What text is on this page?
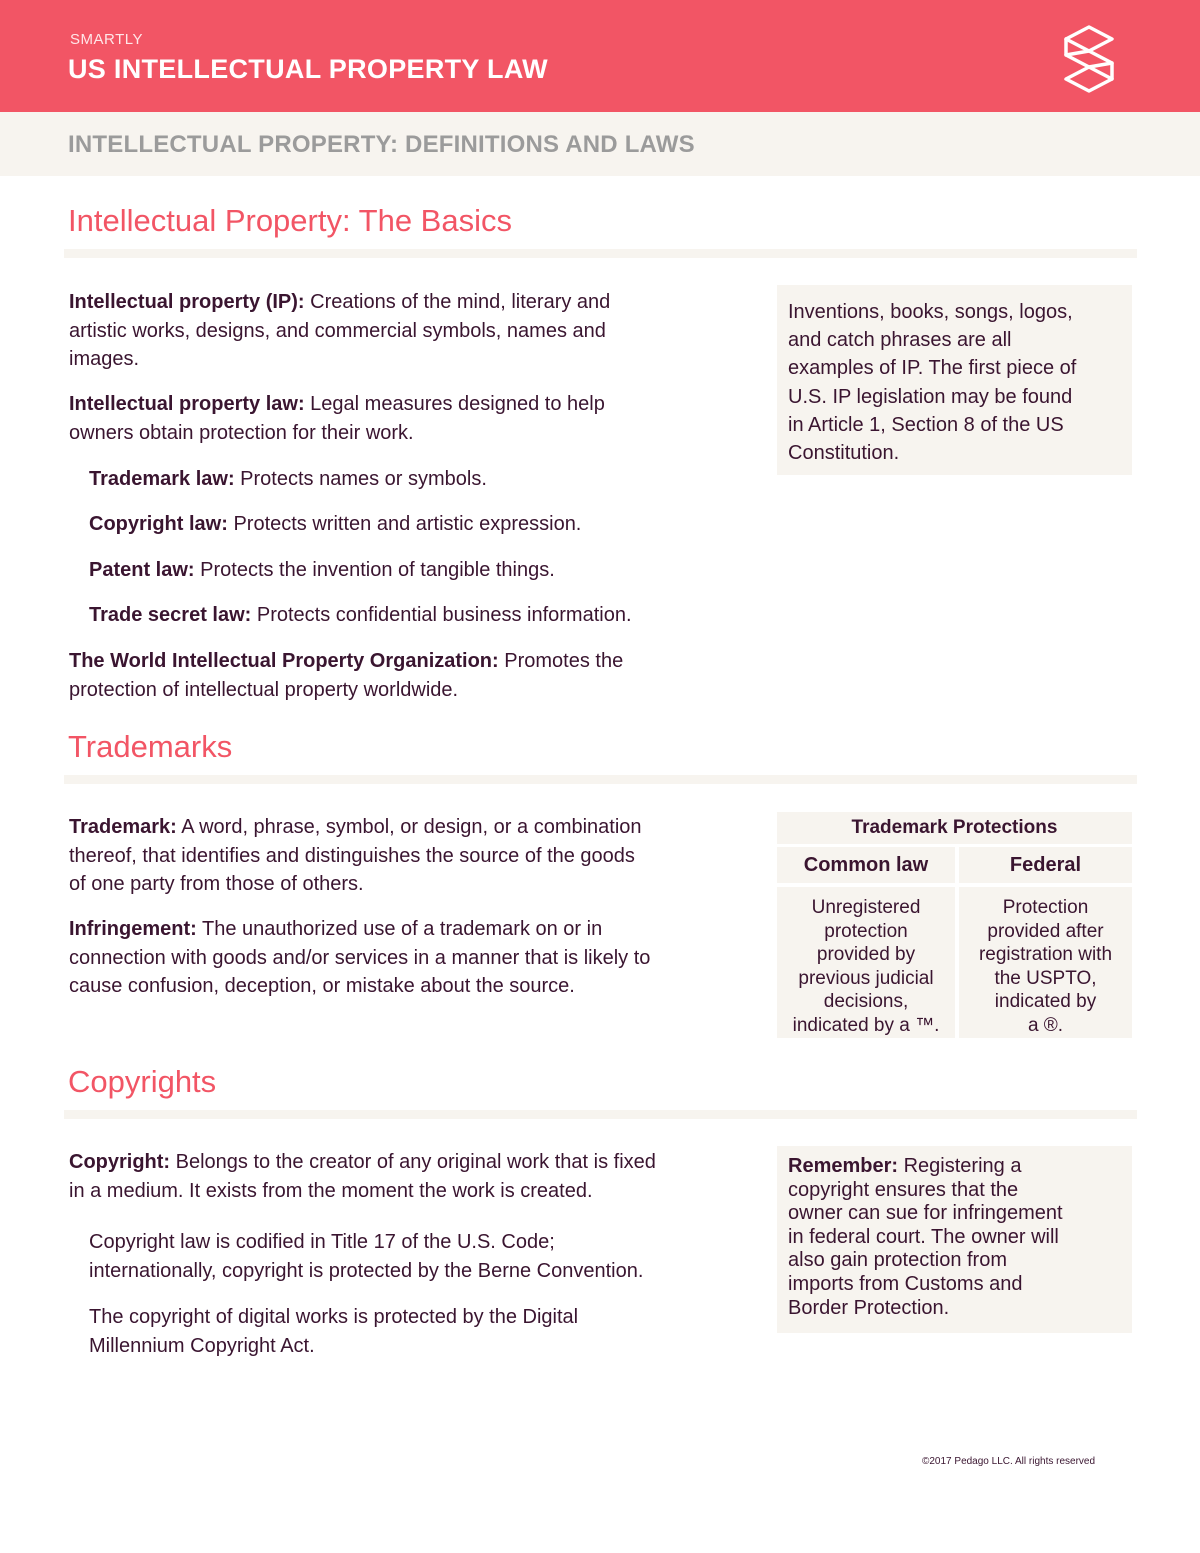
SMARTLY
US INTELLECTUAL PROPERTY LAW
INTELLECTUAL PROPERTY: DEFINITIONS AND LAWS
Intellectual Property: The Basics
Intellectual property (IP): Creations of the mind, literary and
artistic works, designs, and commercial symbols, names and
images.
Intellectual property law: Legal measures designed to help
owners obtain protection for their work.
Trademark law: Protects names or symbols.
Copyright law: Protects written and artistic expression.
Patent law: Protects the invention of tangible things.
Trade secret law: Protects confidential business information.
The World Intellectual Property Organization: Promotes the
protection of intellectual property worldwide.
Inventions, books, songs, logos,
and catch phrases are all
examples of IP. The first piece of
U.S. IP legislation may be found
in Article 1, Section 8 of the US
Constitution.
Trademarks
Trademark: A word, phrase, symbol, or design, or a combination
thereof, that identifies and distinguishes the source of the goods
of one party from those of others.
Infringement: The unauthorized use of a trademark on or in
connection with goods and/or services in a manner that is likely to
cause confusion, deception, or mistake about the source.
Trademark Protections
Common law	Federal
Unregistered
protection
provided by
previous judicial
decisions,
indicated by a ™.
Protection
provided after
registration with
the USPTO,
indicated by
a ®.
Copyrights
Copyright: Belongs to the creator of any original work that is fixed
in a medium. It exists from the moment the work is created.
Copyright law is codified in Title 17 of the U.S. Code;
internationally, copyright is protected by the Berne Convention.
The copyright of digital works is protected by the Digital
Millennium Copyright Act.
Remember: Registering a
copyright ensures that the
owner can sue for infringement
in federal court. The owner will
also gain protection from
imports from Customs and
Border Protection.
©2017 Pedago LLC. All rights reserved
